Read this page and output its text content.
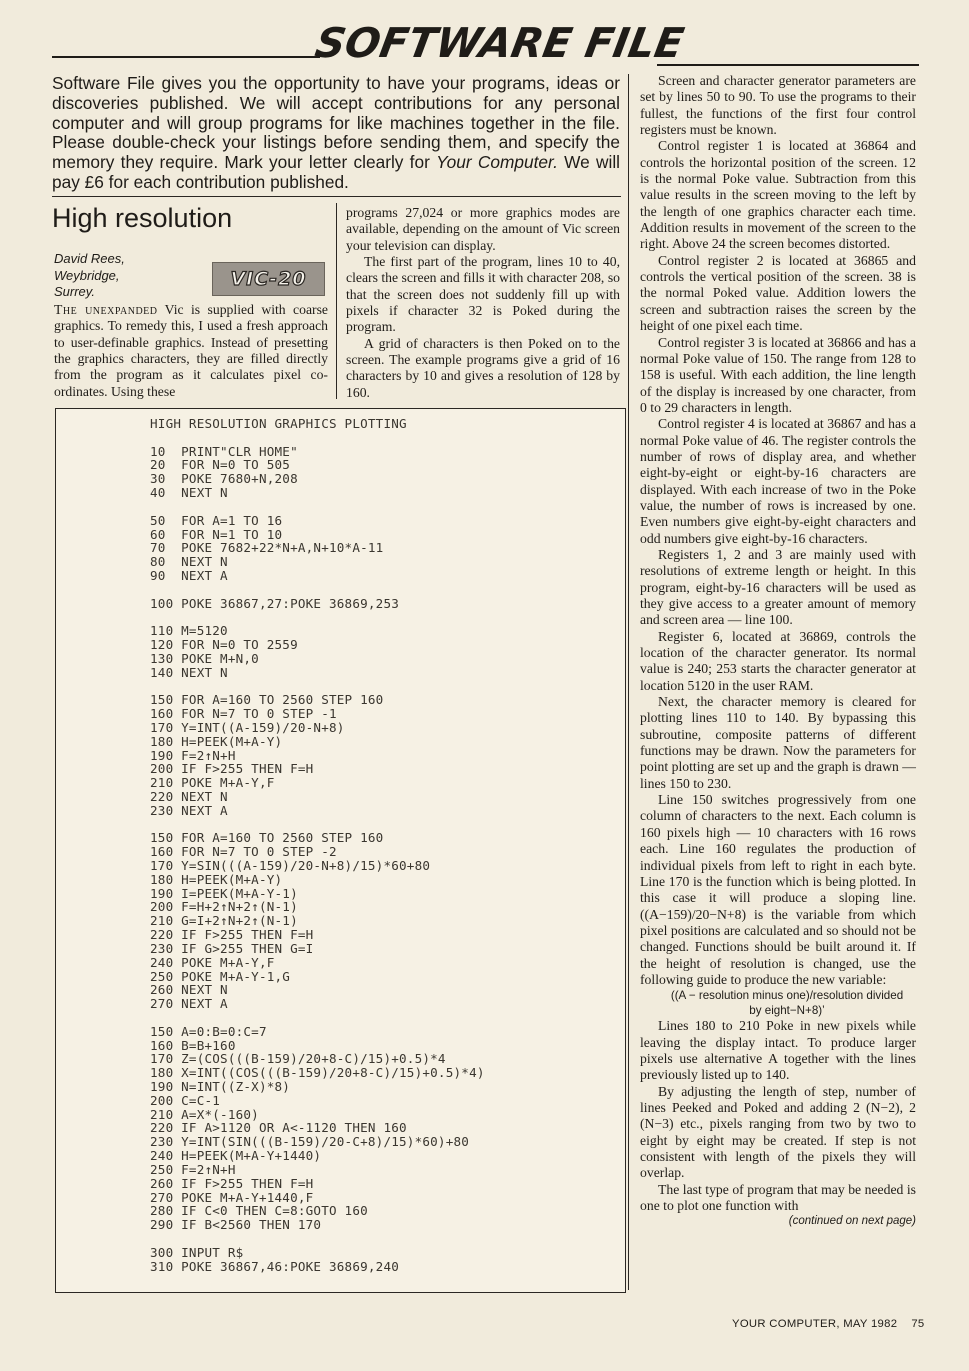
SOFTWARE FILE

Software File gives you the opportunity to have your programs, ideas or discoveries published. We will accept contributions for any personal computer and will group programs for like machines together in the file. Please double-check your listings before sending them, and specify the memory they require. Mark your letter clearly for Your Computer. We will pay £6 for each contribution published.

High resolution
David Rees,
Weybridge,
Surrey.
VIC-20

The unexpanded Vic is supplied with coarse graphics. To remedy this, I used a fresh approach to user-definable graphics. Instead of presetting the graphics characters, they are filled directly from the program as it calculates pixel co-ordinates. Using these

programs 27,024 or more graphics modes are available, depending on the amount of Vic screen your television can display.

The first part of the program, lines 10 to 40, clears the screen and fills it with character 208, so that the screen does not suddenly fill up with pixels if character 32 is Poked during the program.

A grid of characters is then Poked on to the screen. The example programs give a grid of 16 characters by 10 and gives a resolution of 128 by 160.

Screen and character generator parameters are set by lines 50 to 90. To use the programs to their fullest, the functions of the first four control registers must be known.

Control register 1 is located at 36864 and controls the horizontal position of the screen. 12 is the normal Poke value. Subtraction from this value results in the screen moving to the left by the length of one graphics character each time. Addition results in movement of the screen to the right. Above 24 the screen becomes distorted.

Control register 2 is located at 36865 and controls the vertical position of the screen. 38 is the normal Poked value. Addition lowers the screen and subtraction raises the screen by the height of one pixel each time.

Control register 3 is located at 36866 and has a normal Poke value of 150. The range from 128 to 158 is useful. With each addition, the line length of the display is increased by one character, from 0 to 29 characters in length.

Control register 4 is located at 36867 and has a normal Poke value of 46. The register controls the number of rows of display area, and whether eight-by-eight or eight-by-16 characters are displayed. With each increase of two in the Poke value, the number of rows is increased by one. Even numbers give eight-by-eight characters and odd numbers give eight-by-16 characters.

Registers 1, 2 and 3 are mainly used with resolutions of extreme length or height. In this program, eight-by-16 characters will be used as they give access to a greater amount of memory and screen area — line 100.

Register 6, located at 36869, controls the location of the character generator. Its normal value is 240; 253 starts the character generator at location 5120 in the user RAM.

Next, the character memory is cleared for plotting lines 110 to 140. By bypassing this subroutine, composite patterns of different functions may be drawn. Now the parameters for point plotting are set up and the graph is drawn — lines 150 to 230.

Line 150 switches progressively from one column of characters to the next. Each column is 160 pixels high — 10 characters with 16 rows each. Line 160 regulates the production of individual pixels from left to right in each byte. Line 170 is the function which is being plotted. In this case it will produce a sloping line. ((A−159)/20−N+8) is the variable from which pixel positions are calculated and so should not be changed. Functions should be built around it. If the height of resolution is changed, use the following guide to produce the new variable:

((A − resolution minus one)/resolution divided

by eight−N+8)’

Lines 180 to 210 Poke in new pixels while leaving the display intact. To produce larger pixels use alternative A together with the lines previously listed up to 140.

By adjusting the length of step, number of lines Peeked and Poked and adding 2 (N−2), 2 (N−3) etc., pixels ranging from two by two to eight by eight may be created. If step is not consistent with length of the pixels they will overlap.

The last type of program that may be needed is one to plot one function with

(continued on next page)

HIGH RESOLUTION GRAPHICS PLOTTING
10  PRINT"CLR HOME"
20  FOR N=0 TO 505
30  POKE 7680+N,208
40  NEXT N
50  FOR A=1 TO 16
60  FOR N=1 TO 10
70  POKE 7682+22*N+A,N+10*A-11
80  NEXT N
90  NEXT A
100 POKE 36867,27:POKE 36869,253
110 M=5120
120 FOR N=0 TO 2559
130 POKE M+N,0
140 NEXT N
150 FOR A=160 TO 2560 STEP 160
160 FOR N=7 TO 0 STEP -1
170 Y=INT((A-159)/20-N+8)
180 H=PEEK(M+A-Y)
190 F=2↑N+H
200 IF F>255 THEN F=H
210 POKE M+A-Y,F
220 NEXT N
230 NEXT A
150 FOR A=160 TO 2560 STEP 160
160 FOR N=7 TO 0 STEP -2
170 Y=SIN(((A-159)/20-N+8)/15)*60+80
180 H=PEEK(M+A-Y)
190 I=PEEK(M+A-Y-1)
200 F=H+2↑N+2↑(N-1)
210 G=I+2↑N+2↑(N-1)
220 IF F>255 THEN F=H
230 IF G>255 THEN G=I
240 POKE M+A-Y,F
250 POKE M+A-Y-1,G
260 NEXT N
270 NEXT A
150 A=0:B=0:C=7
160 B=B+160
170 Z=(COS(((B-159)/20+8-C)/15)+0.5)*4
180 X=INT((COS(((B-159)/20+8-C)/15)+0.5)*4)
190 N=INT((Z-X)*8)
200 C=C-1
210 A=X*(-160)
220 IF A>1120 OR A<-1120 THEN 160
230 Y=INT(SIN(((B-159)/20-C+8)/15)*60)+80
240 H=PEEK(M+A-Y+1440)
250 F=2↑N+H
260 IF F>255 THEN F=H
270 POKE M+A-Y+1440,F
280 IF C<0 THEN C=8:GOTO 160
290 IF B<2560 THEN 170
300 INPUT R$
310 POKE 36867,46:POKE 36869,240
YOUR COMPUTER, MAY 1982 75
